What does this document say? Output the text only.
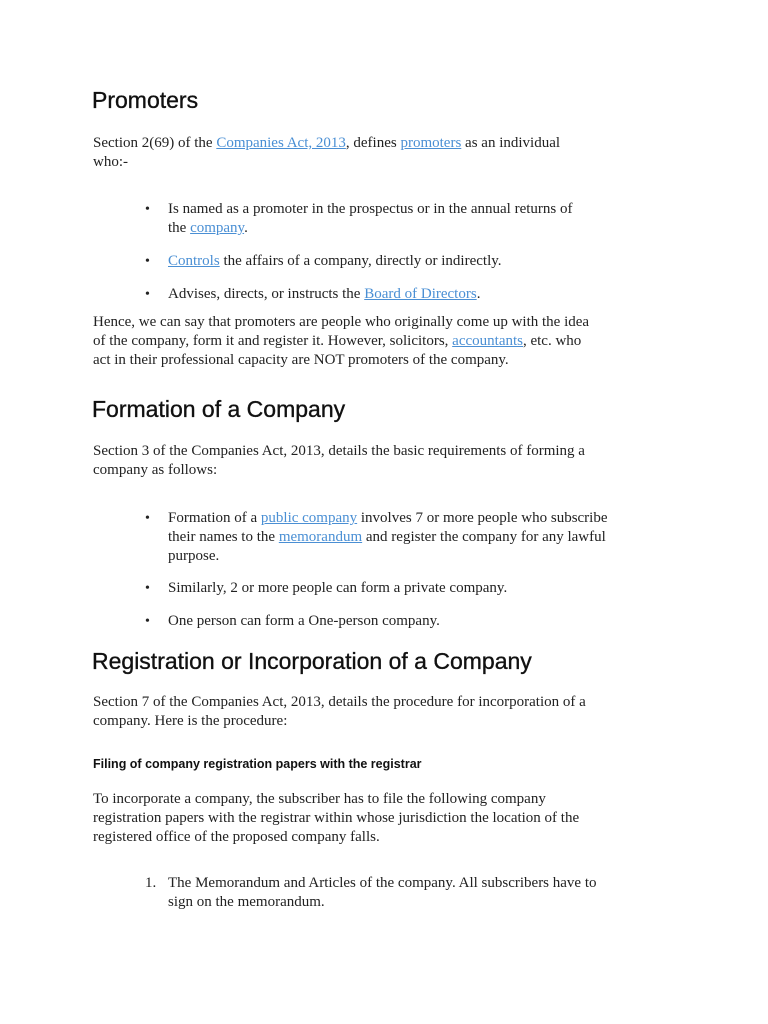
Promoters

Section 2(69) of the Companies Act, 2013, defines promoters as an individual
who:-

•	Is named as a promoter in the prospectus or in the annual returns of
the company.
•	Controls the affairs of a company, directly or indirectly.
•	Advises, directs, or instructs the Board of Directors.

Hence, we can say that promoters are people who originally come up with the idea
of the company, form it and register it. However, solicitors, accountants, etc. who
act in their professional capacity are NOT promoters of the company.

Formation of a Company

Section 3 of the Companies Act, 2013, details the basic requirements of forming a
company as follows:

•	Formation of a public company involves 7 or more people who subscribe
their names to the memorandum and register the company for any lawful
purpose.
•	Similarly, 2 or more people can form a private company.
•	One person can form a One-person company.
Registration or Incorporation of a Company

Section 7 of the Companies Act, 2013, details the procedure for incorporation of a
company. Here is the procedure:

Filing of company registration papers with the registrar

To incorporate a company, the subscriber has to file the following company
registration papers with the registrar within whose jurisdiction the location of the
registered office of the proposed company falls.

1. The Memorandum and Articles of the company. All subscribers have to
sign on the memorandum.
